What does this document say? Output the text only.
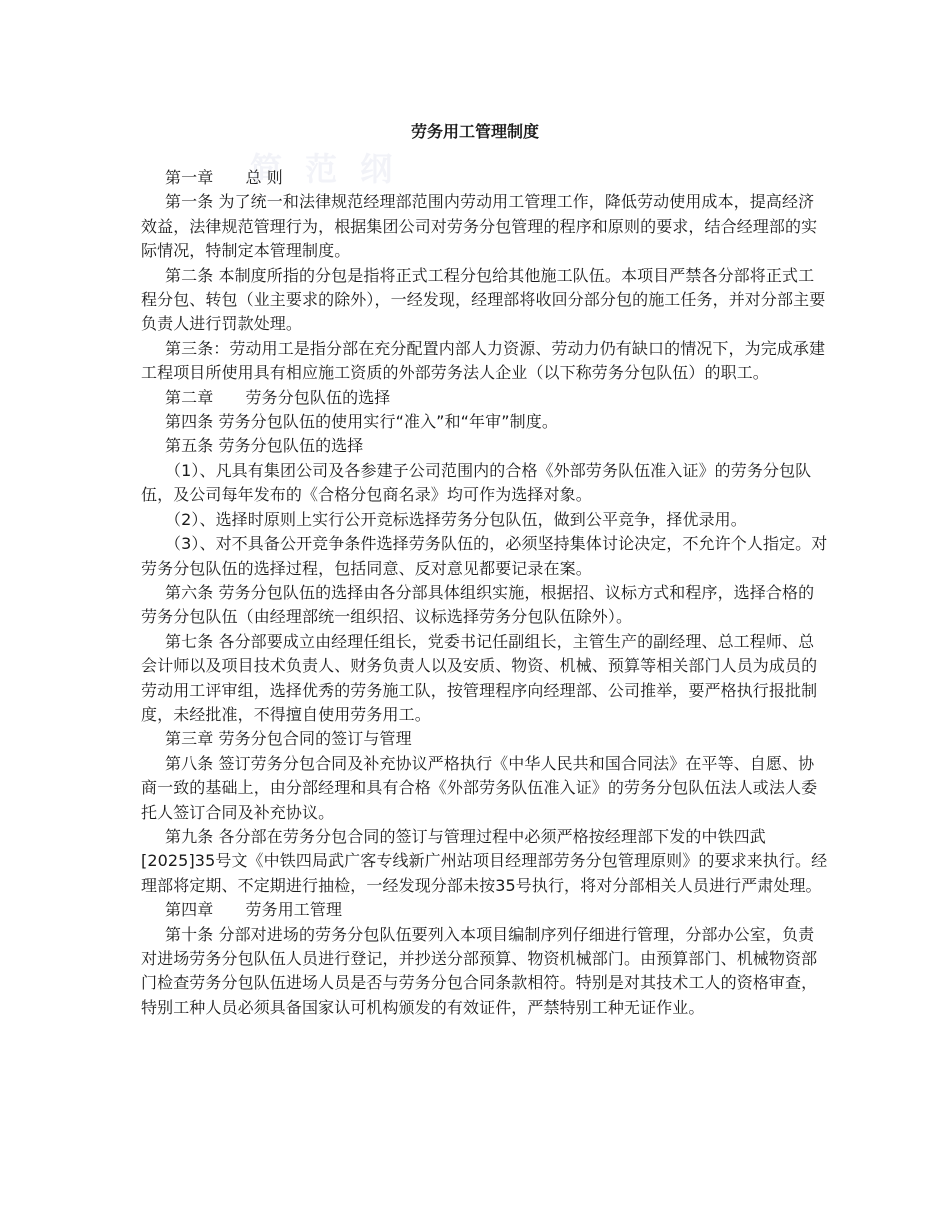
简 范 纲
劳务用工管理制度

第一章　　总 则

第一条 为了统一和法律规范经理部范围内劳动用工管理工作，降低劳动使用成本，提高经济效益，法律规范管理行为，根据集团公司对劳务分包管理的程序和原则的要求，结合经理部的实际情况，特制定本管理制度。

第二条 本制度所指的分包是指将正式工程分包给其他施工队伍。本项目严禁各分部将正式工程分包、转包（业主要求的除外），一经发现，经理部将收回分部分包的施工任务，并对分部主要负责人进行罚款处理。

第三条：劳动用工是指分部在充分配置内部人力资源、劳动力仍有缺口的情况下，为完成承建工程项目所使用具有相应施工资质的外部劳务法人企业（以下称劳务分包队伍）的职工。

第二章　　劳务分包队伍的选择

第四条 劳务分包队伍的使用实行“准入”和“年审”制度。

第五条 劳务分包队伍的选择

（1）、凡具有集团公司及各参建子公司范围内的合格《外部劳务队伍准入证》的劳务分包队伍，及公司每年发布的《合格分包商名录》均可作为选择对象。

（2）、选择时原则上实行公开竞标选择劳务分包队伍，做到公平竞争，择优录用。

（3）、对不具备公开竞争条件选择劳务队伍的，必须坚持集体讨论决定，不允许个人指定。对劳务分包队伍的选择过程，包括同意、反对意见都要记录在案。

第六条 劳务分包队伍的选择由各分部具体组织实施，根据招、议标方式和程序，选择合格的劳务分包队伍（由经理部统一组织招、议标选择劳务分包队伍除外）。

第七条 各分部要成立由经理任组长，党委书记任副组长，主管生产的副经理、总工程师、总会计师以及项目技术负责人、财务负责人以及安质、物资、机械、预算等相关部门人员为成员的劳动用工评审组，选择优秀的劳务施工队，按管理程序向经理部、公司推举，要严格执行报批制度，未经批准，不得擅自使用劳务用工。

第三章 劳务分包合同的签订与管理

第八条 签订劳务分包合同及补充协议严格执行《中华人民共和国合同法》在平等、自愿、协商一致的基础上，由分部经理和具有合格《外部劳务队伍准入证》的劳务分包队伍法人或法人委托人签订合同及补充协议。

第九条 各分部在劳务分包合同的签订与管理过程中必须严格按经理部下发的中铁四武[2025]35号文《中铁四局武广客专线新广州站项目经理部劳务分包管理原则》的要求来执行。经理部将定期、不定期进行抽检，一经发现分部未按35号执行，将对分部相关人员进行严肃处理。

第四章　　劳务用工管理

第十条 分部对进场的劳务分包队伍要列入本项目编制序列仔细进行管理，分部办公室，负责对进场劳务分包队伍人员进行登记，并抄送分部预算、物资机械部门。由预算部门、机械物资部门检查劳务分包队伍进场人员是否与劳务分包合同条款相符。特别是对其技术工人的资格审查，特别工种人员必须具备国家认可机构颁发的有效证件，严禁特别工种无证作业。
